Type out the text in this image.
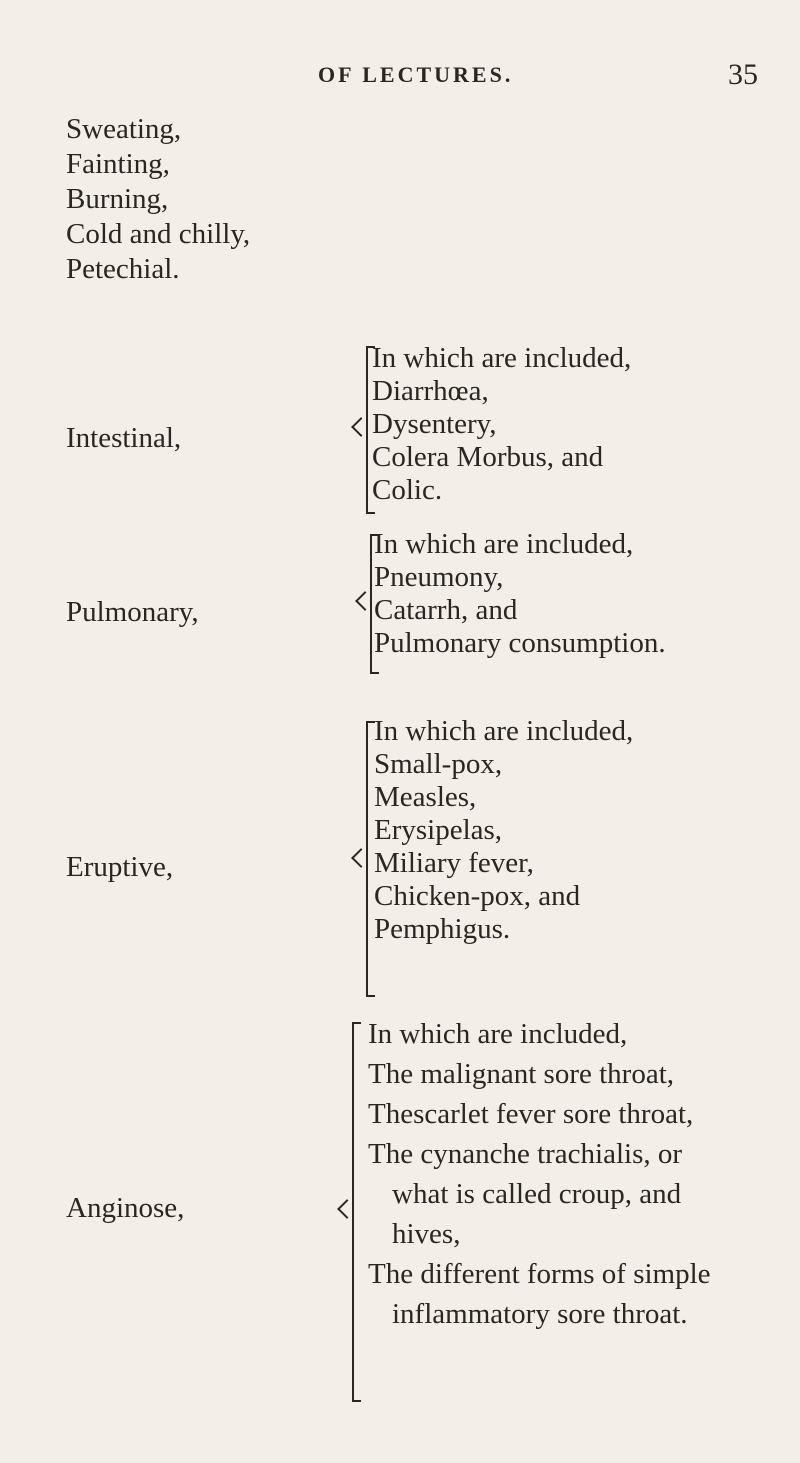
OF LECTURES.	35
Sweating,
Fainting,
Burning,
Cold and chilly,
Petechial.
Intestinal,
In which are included,
Diarrhœa,
Dysentery,
Colera Morbus, and
Colic.
Pulmonary,
In which are included,
Pneumony,
Catarrh, and
Pulmonary consumption.
Eruptive,
In which are included,
Small-pox,
Measles,
Erysipelas,
Miliary fever,
Chicken-pox, and
Pemphigus.
Anginose,
In which are included,
The malignant sore throat,
Thescarlet fever sore throat,
The cynanche trachialis, or
what is called croup, and
hives,
The different forms of simple
inflammatory sore throat.
